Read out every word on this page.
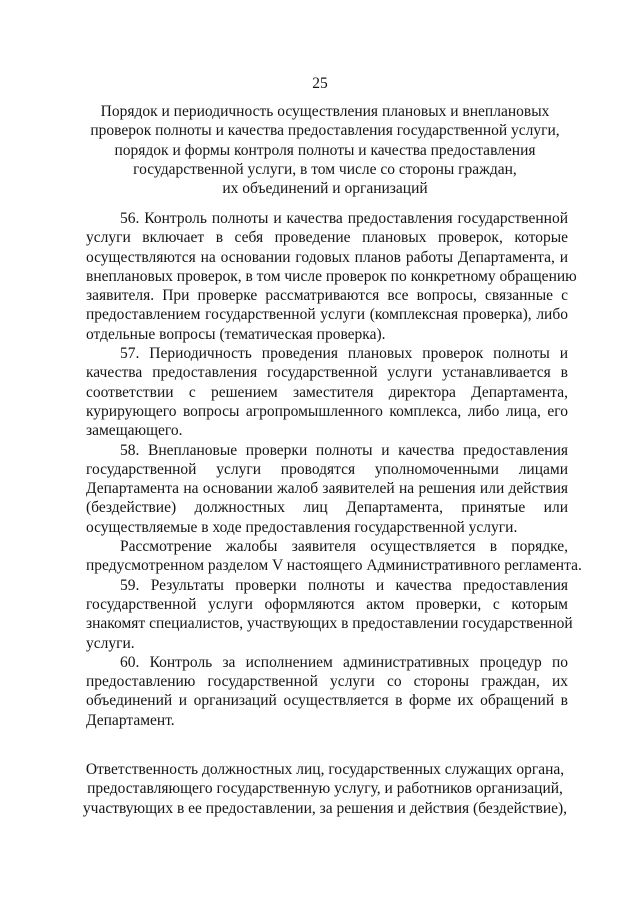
25
Порядок и периодичность осуществления плановых и внеплановых
проверок полноты и качества предоставления государственной услуги,
порядок и формы контроля полноты и качества предоставления
государственной услуги, в том числе со стороны граждан,
их объединений и организаций

56. Контроль полноты и качества предоставления государственной
услуги включает в себя проведение плановых проверок, которые
осуществляются на основании годовых планов работы Департамента, и
внеплановых проверок, в том числе проверок по конкретному обращению
заявителя. При проверке рассматриваются все вопросы, связанные с
предоставлением государственной услуги (комплексная проверка), либо
отдельные вопросы (тематическая проверка).

57. Периодичность проведения плановых проверок полноты и
качества предоставления государственной услуги устанавливается в
соответствии с решением заместителя директора Департамента,
курирующего вопросы агропромышленного комплекса, либо лица, его
замещающего.

58. Внеплановые проверки полноты и качества предоставления
государственной услуги проводятся уполномоченными лицами
Департамента на основании жалоб заявителей на решения или действия
(бездействие) должностных лиц Департамента, принятые или
осуществляемые в ходе предоставления государственной услуги.

Рассмотрение жалобы заявителя осуществляется в порядке,
предусмотренном разделом V настоящего Административного регламента.

59. Результаты проверки полноты и качества предоставления
государственной услуги оформляются актом проверки, с которым
знакомят специалистов, участвующих в предоставлении государственной
услуги.

60. Контроль за исполнением административных процедур по
предоставлению государственной услуги со стороны граждан, их
объединений и организаций осуществляется в форме их обращений в
Департамент.

Ответственность должностных лиц, государственных служащих органа,
предоставляющего государственную услугу, и работников организаций,
участвующих в ее предоставлении, за решения и действия (бездействие),
